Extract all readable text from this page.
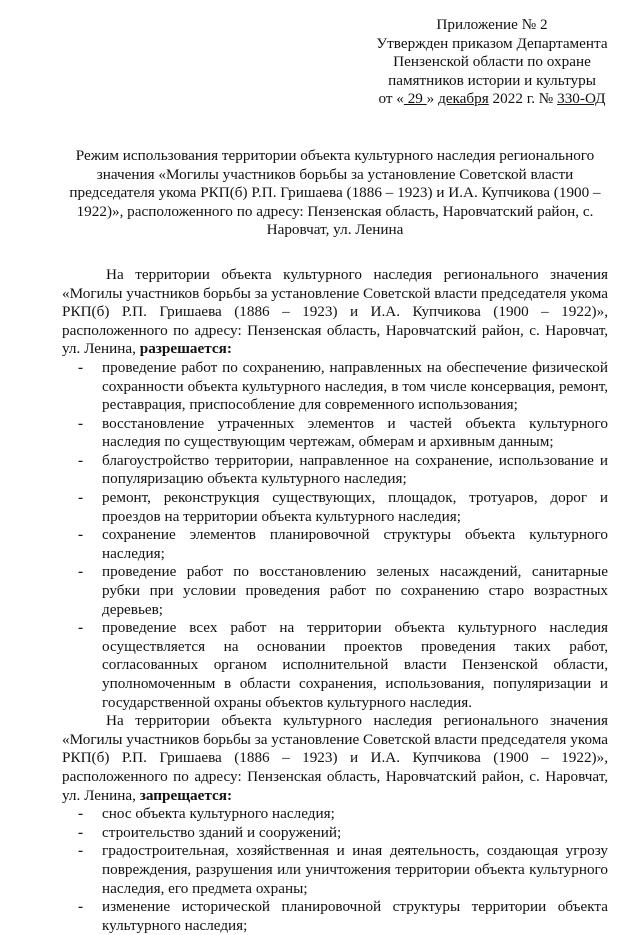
Приложение № 2
Утвержден приказом Департамента
Пензенской области по охране
памятников истории и культуры
от « 29 » декабря 2022 г. № 330-ОД
Режим использования территории объекта культурного наследия регионального значения «Могилы участников борьбы за установление Советской власти председателя укома РКП(б) Р.П. Гришаева (1886 – 1923) и И.А. Купчикова (1900 – 1922)», расположенного по адресу: Пензенская область, Наровчатский район, с. Наровчат, ул. Ленина

На территории объекта культурного наследия регионального значения «Могилы участников борьбы за установление Советской власти председателя укома РКП(б) Р.П. Гришаева (1886 – 1923) и И.А. Купчикова (1900 – 1922)», расположенного по адресу: Пензенская область, Наровчатский район, с. Наровчат, ул. Ленина, разрешается:

- проведение работ по сохранению, направленных на обеспечение физической сохранности объекта культурного наследия, в том числе консервация, ремонт, реставрация, приспособление для современного использования;
- восстановление утраченных элементов и частей объекта культурного наследия по существующим чертежам, обмерам и архивным данным;
- благоустройство территории, направленное на сохранение, использование и популяризацию объекта культурного наследия;
- ремонт, реконструкция существующих, площадок, тротуаров, дорог и проездов на территории объекта культурного наследия;
- сохранение элементов планировочной структуры объекта культурного наследия;
- проведение работ по восстановлению зеленых насаждений, санитарные рубки при условии проведения работ по сохранению старо возрастных деревьев;
- проведение всех работ на территории объекта культурного наследия осуществляется на основании проектов проведения таких работ, согласованных органом исполнительной власти Пензенской области, уполномоченным в области сохранения, использования, популяризации и государственной охраны объектов культурного наследия.

На территории объекта культурного наследия регионального значения «Могилы участников борьбы за установление Советской власти председателя укома РКП(б) Р.П. Гришаева (1886 – 1923) и И.А. Купчикова (1900 – 1922)», расположенного по адресу: Пензенская область, Наровчатский район, с. Наровчат, ул. Ленина, запрещается:

- снос объекта культурного наследия;
- строительство зданий и сооружений;
- градостроительная, хозяйственная и иная деятельность, создающая угрозу повреждения, разрушения или уничтожения территории объекта культурного наследия, его предмета охраны;
- изменение исторической планировочной структуры территории объекта культурного наследия;
